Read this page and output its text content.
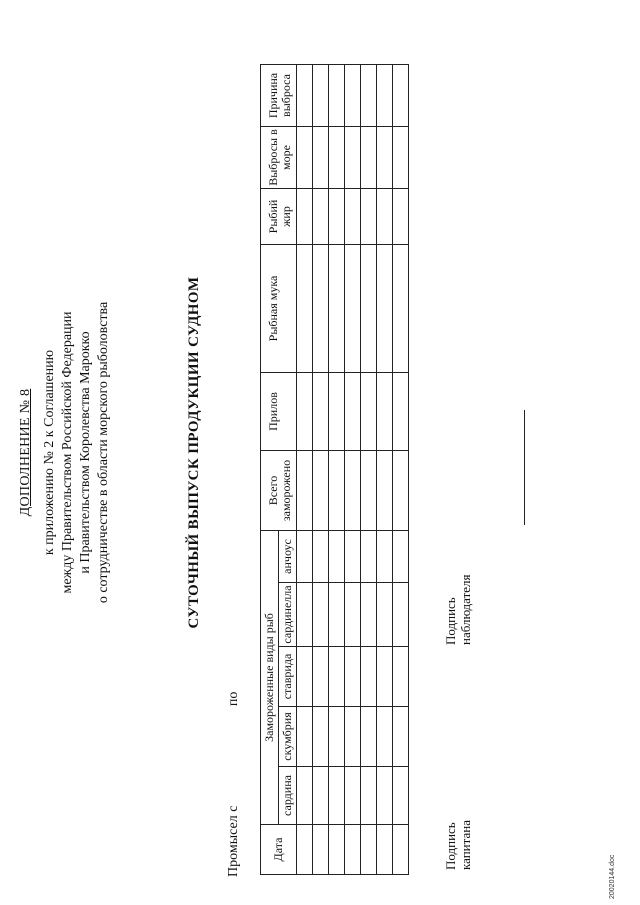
ДОПОЛНЕНИЕ № 8 к приложению № 2 к Соглашению между Правительством Российской Федерации и Правительством Королевства Марокко о сотрудничестве в области морского рыболовства	СУТОЧНЫЙ ВЫПУСК ПРОДУКЦИИ СУДНОМ
Промысел с по
Дата	Замороженные виды рыб					Всего заморожено	Прилов	Рыбная мука	Рыбий жир	Выбросы в море	Причина выброса
	сардина	скумбрия	ставрида	сардинелла	анчоус						

Подпись капитана
Подпись наблюдателя
20020144.doc
